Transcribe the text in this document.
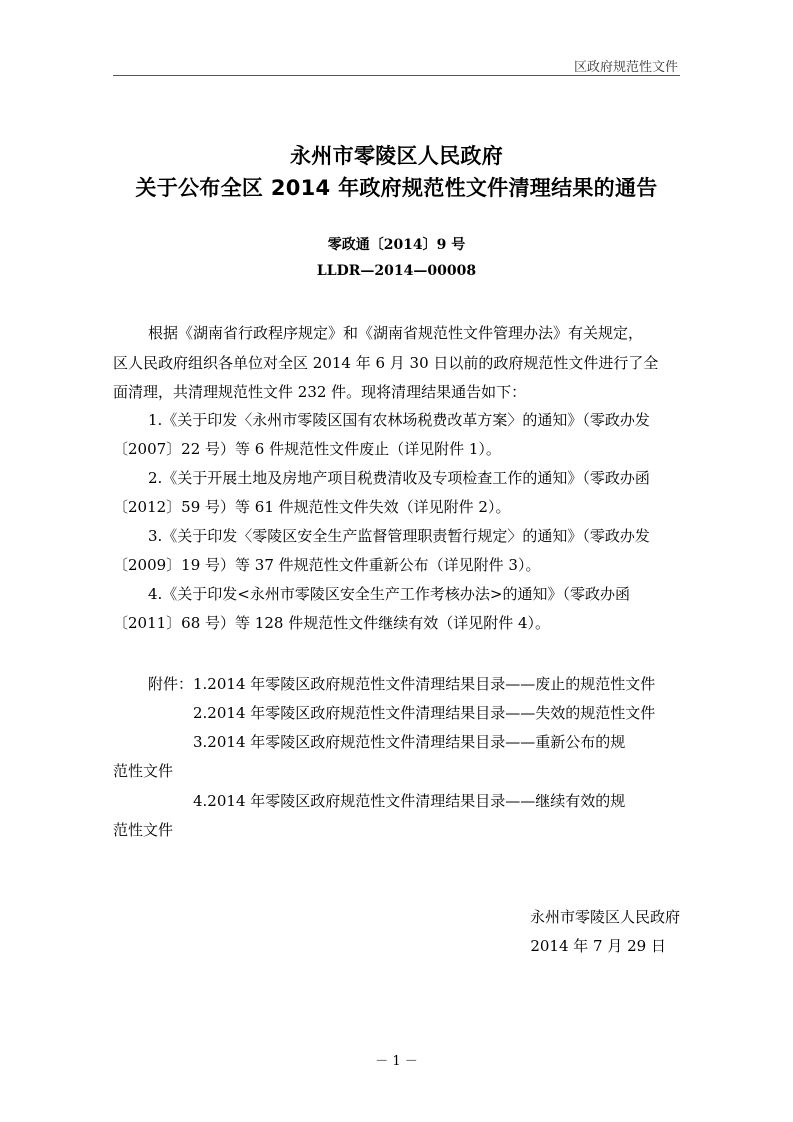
区政府规范性文件
永州市零陵区人民政府
关于公布全区 2014 年政府规范性文件清理结果的通告
零政通〔2014〕9 号
LLDR—2014—00008
根据《湖南省行政程序规定》和《湖南省规范性文件管理办法》有关规定，
区人民政府组织各单位对全区 2014 年 6 月 30 日以前的政府规范性文件进行了全
面清理，共清理规范性文件 232 件。现将清理结果通告如下：
1.《关于印发〈永州市零陵区国有农林场税费改革方案〉的通知》（零政办发
〔2007〕22 号）等 6 件规范性文件废止（详见附件 1）。
2.《关于开展土地及房地产项目税费清收及专项检查工作的通知》（零政办函
〔2012〕59 号）等 61 件规范性文件失效（详见附件 2）。
3.《关于印发〈零陵区安全生产监督管理职责暂行规定〉的通知》（零政办发
〔2009〕19 号）等 37 件规范性文件重新公布（详见附件 3）。
4.《关于印发<永州市零陵区安全生产工作考核办法>的通知》（零政办函
〔2011〕68 号）等 128 件规范性文件继续有效（详见附件 4）。
附件：1.2014 年零陵区政府规范性文件清理结果目录——废止的规范性文件
2.2014 年零陵区政府规范性文件清理结果目录——失效的规范性文件
3.2014 年零陵区政府规范性文件清理结果目录——重新公布的规
范性文件
4.2014 年零陵区政府规范性文件清理结果目录——继续有效的规
范性文件
永州市零陵区人民政府
2014 年 7 月 29 日
－ 1 －
